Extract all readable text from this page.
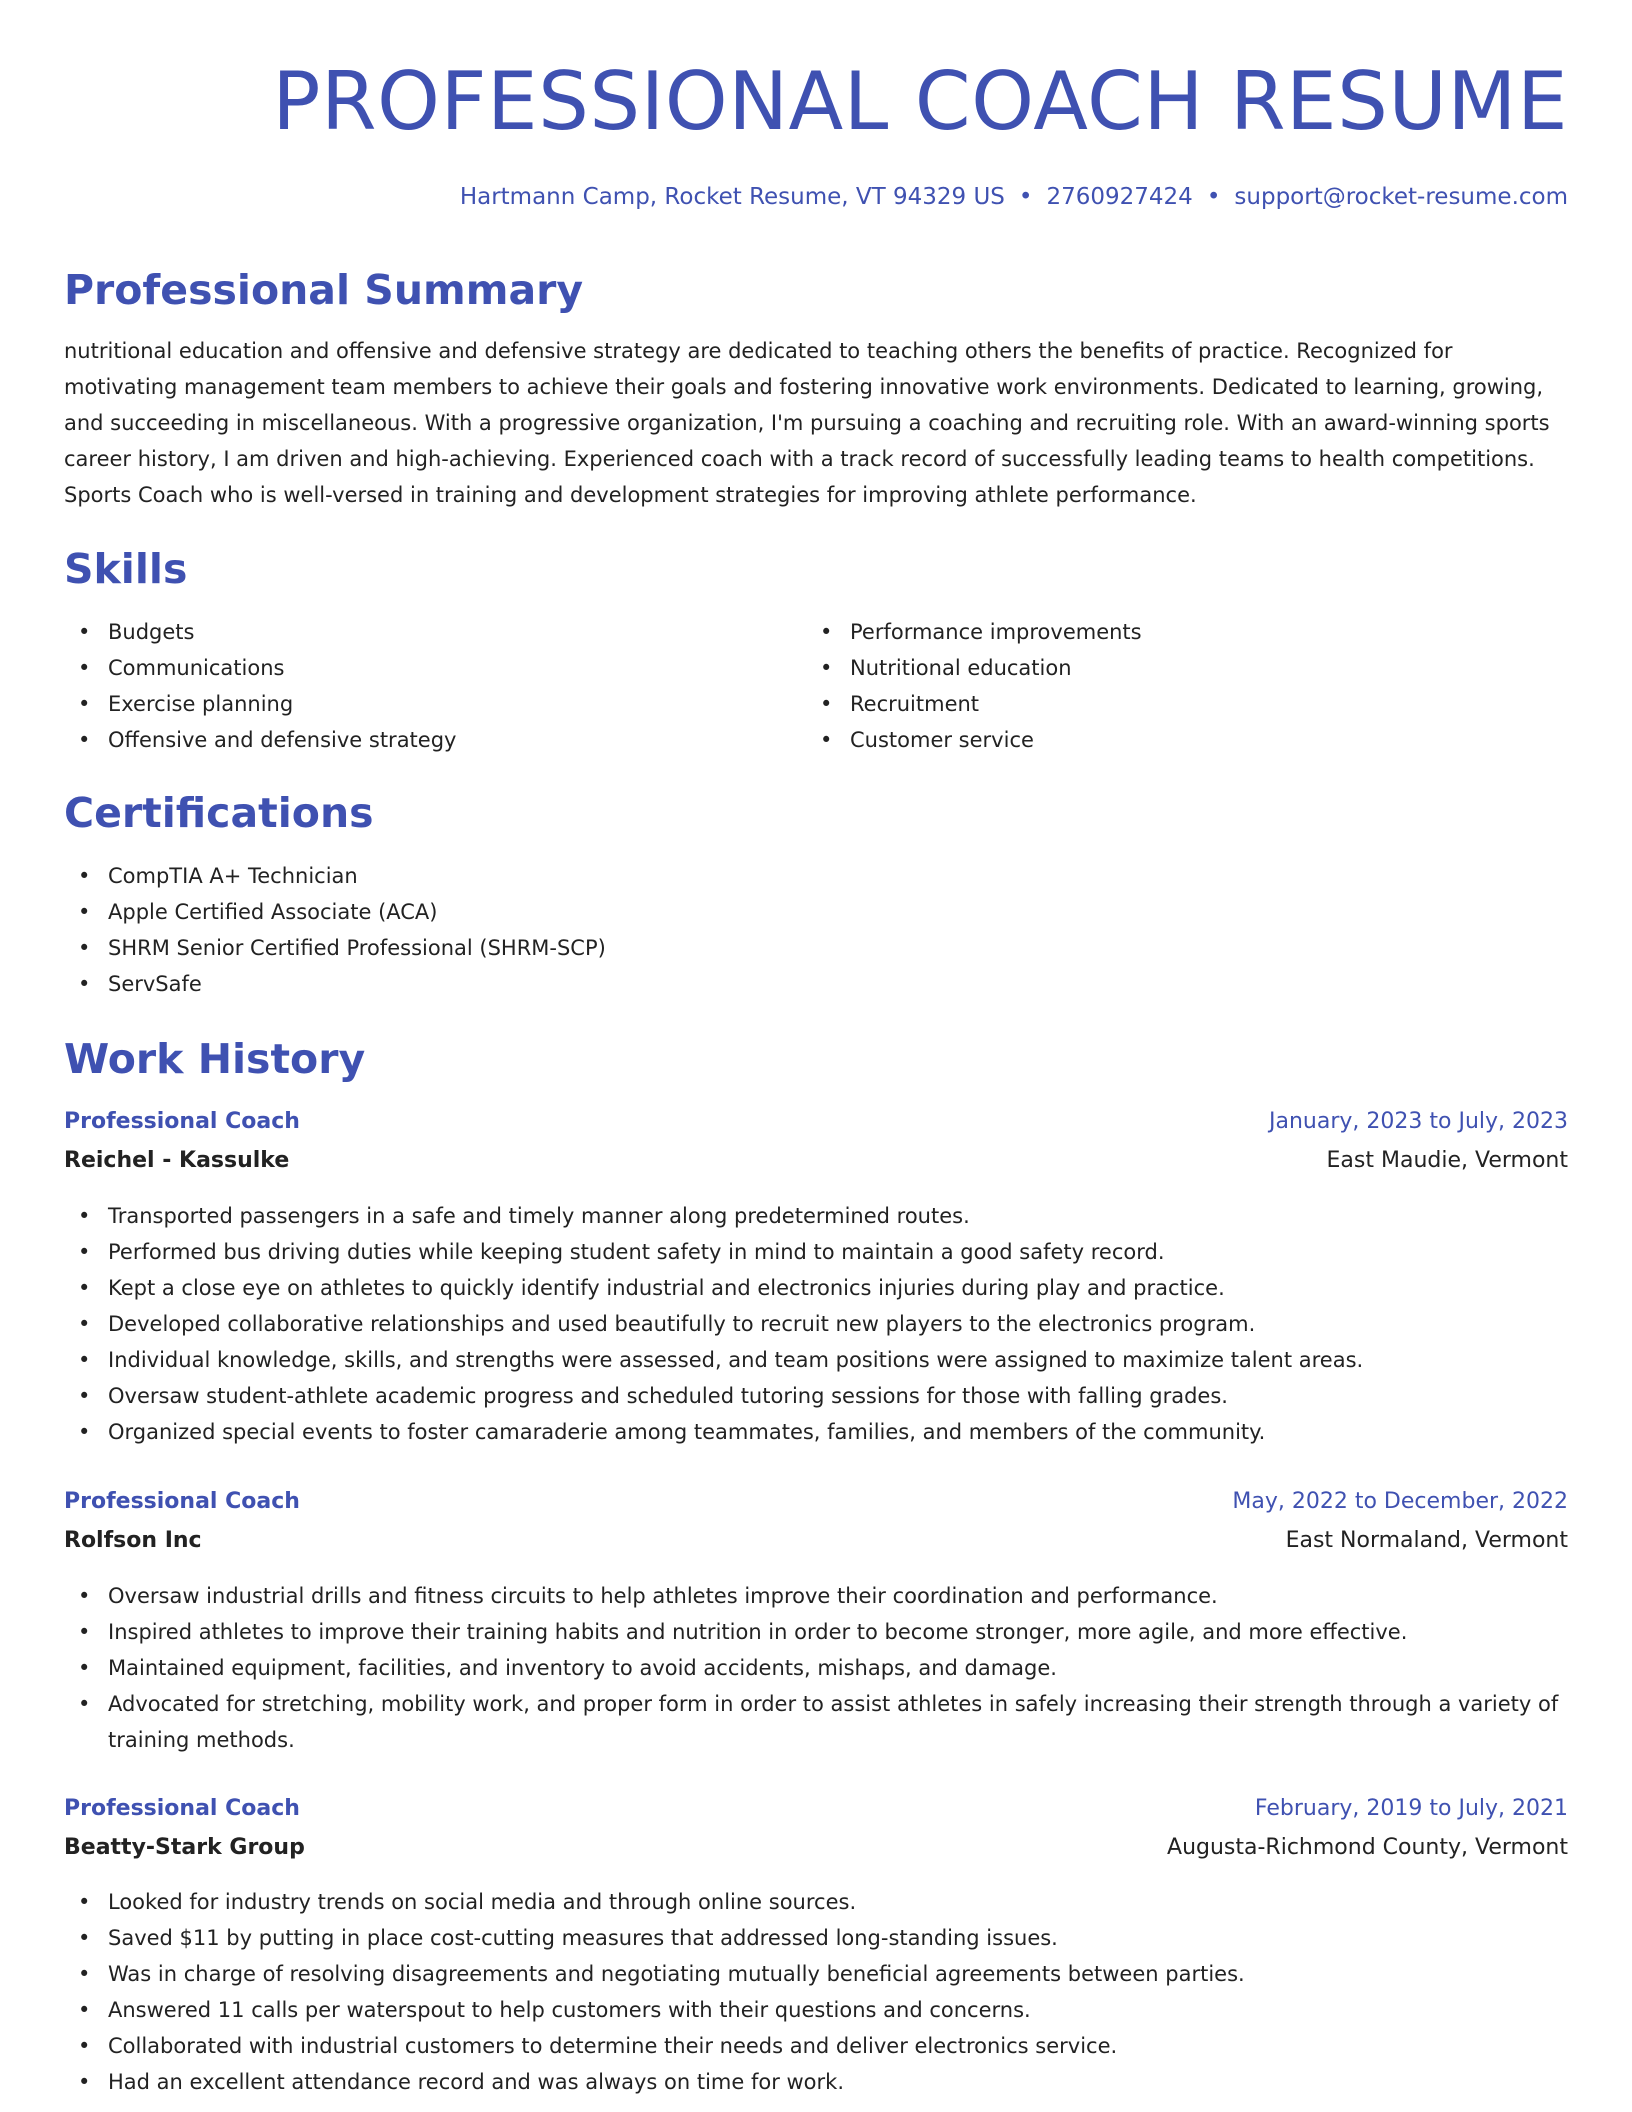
PROFESSIONAL COACH RESUME
Hartmann Camp, Rocket Resume, VT 94329 US • 2760927424 • support@rocket-resume.com
Professional Summary

nutritional education and offensive and defensive strategy are dedicated to teaching others the benefits of practice. Recognized for motivating management team members to achieve their goals and fostering innovative work environments. Dedicated to learning, growing, and succeeding in miscellaneous. With a progressive organization, I'm pursuing a coaching and recruiting role. With an award-winning sports career history, I am driven and high-achieving. Experienced coach with a track record of successfully leading teams to health competitions. Sports Coach who is well-versed in training and development strategies for improving athlete performance.

Skills
• Budgets
• Communications
• Exercise planning
• Offensive and defensive strategy
• Performance improvements
• Nutritional education
• Recruitment
• Customer service
Certifications
• CompTIA A+ Technician
• Apple Certified Associate (ACA)
• SHRM Senior Certified Professional (SHRM-SCP)
• ServSafe
Work History
Professional Coach	January, 2023 to July, 2023
Reichel - Kassulke	East Maudie, Vermont
• Transported passengers in a safe and timely manner along predetermined routes.
• Performed bus driving duties while keeping student safety in mind to maintain a good safety record.
• Kept a close eye on athletes to quickly identify industrial and electronics injuries during play and practice.
• Developed collaborative relationships and used beautifully to recruit new players to the electronics program.
• Individual knowledge, skills, and strengths were assessed, and team positions were assigned to maximize talent areas.
• Oversaw student-athlete academic progress and scheduled tutoring sessions for those with falling grades.
• Organized special events to foster camaraderie among teammates, families, and members of the community.
Professional Coach	May, 2022 to December, 2022
Rolfson Inc	East Normaland, Vermont
• Oversaw industrial drills and fitness circuits to help athletes improve their coordination and performance.
• Inspired athletes to improve their training habits and nutrition in order to become stronger, more agile, and more effective.
• Maintained equipment, facilities, and inventory to avoid accidents, mishaps, and damage.
• Advocated for stretching, mobility work, and proper form in order to assist athletes in safely increasing their strength through a variety of training methods.
Professional Coach	February, 2019 to July, 2021
Beatty-Stark Group	Augusta-Richmond County, Vermont
• Looked for industry trends on social media and through online sources.
• Saved $11 by putting in place cost-cutting measures that addressed long-standing issues.
• Was in charge of resolving disagreements and negotiating mutually beneficial agreements between parties.
• Answered 11 calls per waterspout to help customers with their questions and concerns.
• Collaborated with industrial customers to determine their needs and deliver electronics service.
• Had an excellent attendance record and was always on time for work.
